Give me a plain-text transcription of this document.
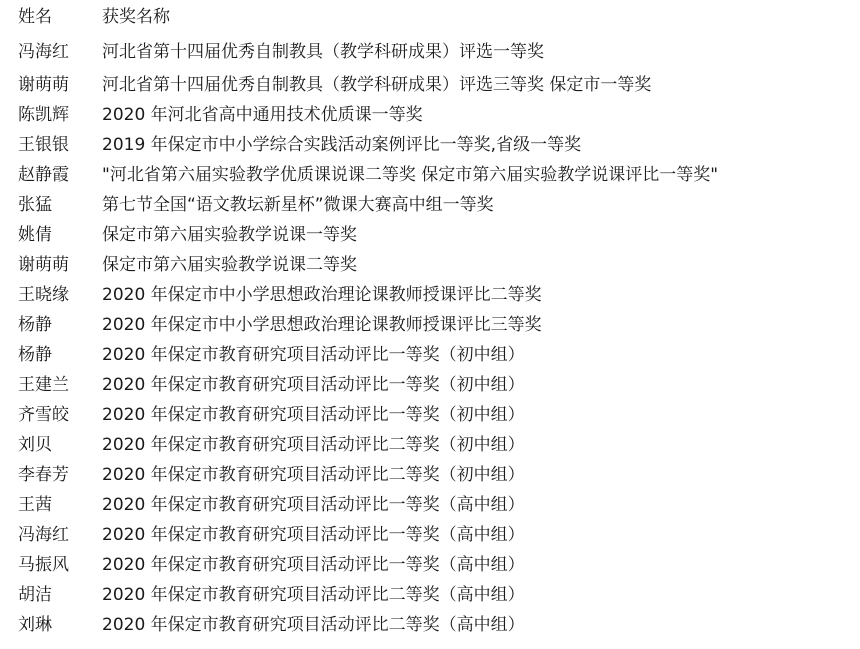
姓名	获奖名称
冯海红	河北省第十四届优秀自制教具（教学科研成果）评选一等奖
谢萌萌	河北省第十四届优秀自制教具（教学科研成果）评选三等奖 保定市一等奖
陈凯辉	2020 年河北省高中通用技术优质课一等奖
王银银	2019 年保定市中小学综合实践活动案例评比一等奖,省级一等奖
赵静霞	"河北省第六届实验教学优质课说课二等奖 保定市第六届实验教学说课评比一等奖"
张猛	第七节全国“语文教坛新星杯”微课大赛高中组一等奖
姚倩	保定市第六届实验教学说课一等奖
谢萌萌	保定市第六届实验教学说课二等奖
王晓缘	2020 年保定市中小学思想政治理论课教师授课评比二等奖
杨静	2020 年保定市中小学思想政治理论课教师授课评比三等奖
杨静	2020 年保定市教育研究项目活动评比一等奖（初中组）
王建兰	2020 年保定市教育研究项目活动评比一等奖（初中组）
齐雪皎	2020 年保定市教育研究项目活动评比一等奖（初中组）
刘贝	2020 年保定市教育研究项目活动评比二等奖（初中组）
李春芳	2020 年保定市教育研究项目活动评比二等奖（初中组）
王茜	2020 年保定市教育研究项目活动评比一等奖（高中组）
冯海红	2020 年保定市教育研究项目活动评比一等奖（高中组）
马振风	2020 年保定市教育研究项目活动评比一等奖（高中组）
胡洁	2020 年保定市教育研究项目活动评比二等奖（高中组）
刘琳	2020 年保定市教育研究项目活动评比二等奖（高中组）
